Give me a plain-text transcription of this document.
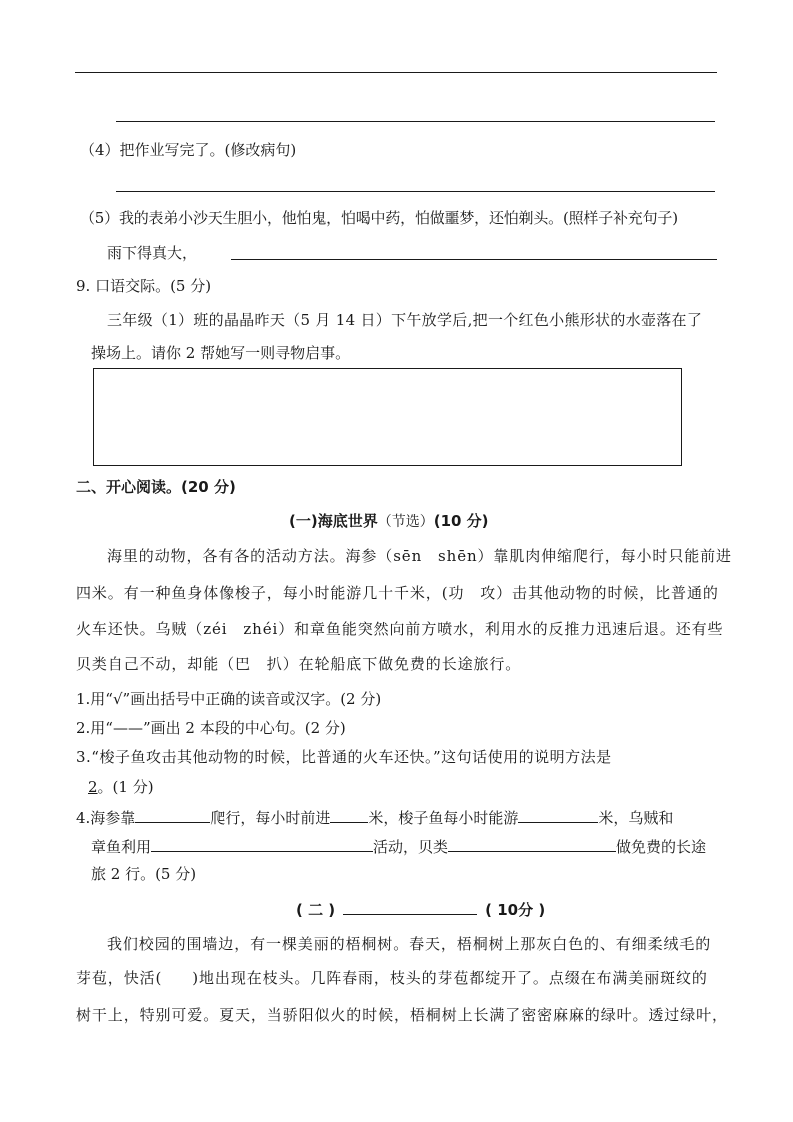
（4）把作业写完了。(修改病句)
（5）我的表弟小沙天生胆小，他怕鬼，怕喝中药，怕做噩梦，还怕剃头。(照样子补充句子)
雨下得真大，
9. 口语交际。(5 分)
三年级（1）班的晶晶昨天（5 月 14 日）下午放学后,把一个红色小熊形状的水壶落在了
操场上。请你 2 帮她写一则寻物启事。
二、开心阅读。(20 分)
(一)海底世界（节选）(10 分)
海里的动物，各有各的活动方法。海参（sēn　shēn）靠肌肉伸缩爬行，每小时只能前进
四米。有一种鱼身体像梭子，每小时能游几十千米，(功　攻）击其他动物的时候，比普通的
火车还快。乌贼（zéi　zhéi）和章鱼能突然向前方喷水，利用水的反推力迅速后退。还有些
贝类自己不动，却能（巴　扒）在轮船底下做免费的长途旅行。
1.用“√”画出括号中正确的读音或汉字。(2 分)
2.用“——”画出 2 本段的中心句。(2 分)
3.“梭子鱼攻击其他动物的时候，比普通的火车还快。”这句话使用的说明方法是
2。(1 分)
4.海参靠	爬行，每小时前进	米，梭子鱼每小时能游	米，乌贼和
章鱼利用	活动，贝类	做免费的长途
旅 2 行。(5 分)
( 二 )	( 10分 )
我们校园的围墙边，有一棵美丽的梧桐树。春天，梧桐树上那灰白色的、有细柔绒毛的
芽苞，快活( )地出现在枝头。几阵春雨，枝头的芽苞都绽开了。点缀在布满美丽斑纹的
树干上，特别可爱。夏天，当骄阳似火的时候，梧桐树上长满了密密麻麻的绿叶。透过绿叶，
